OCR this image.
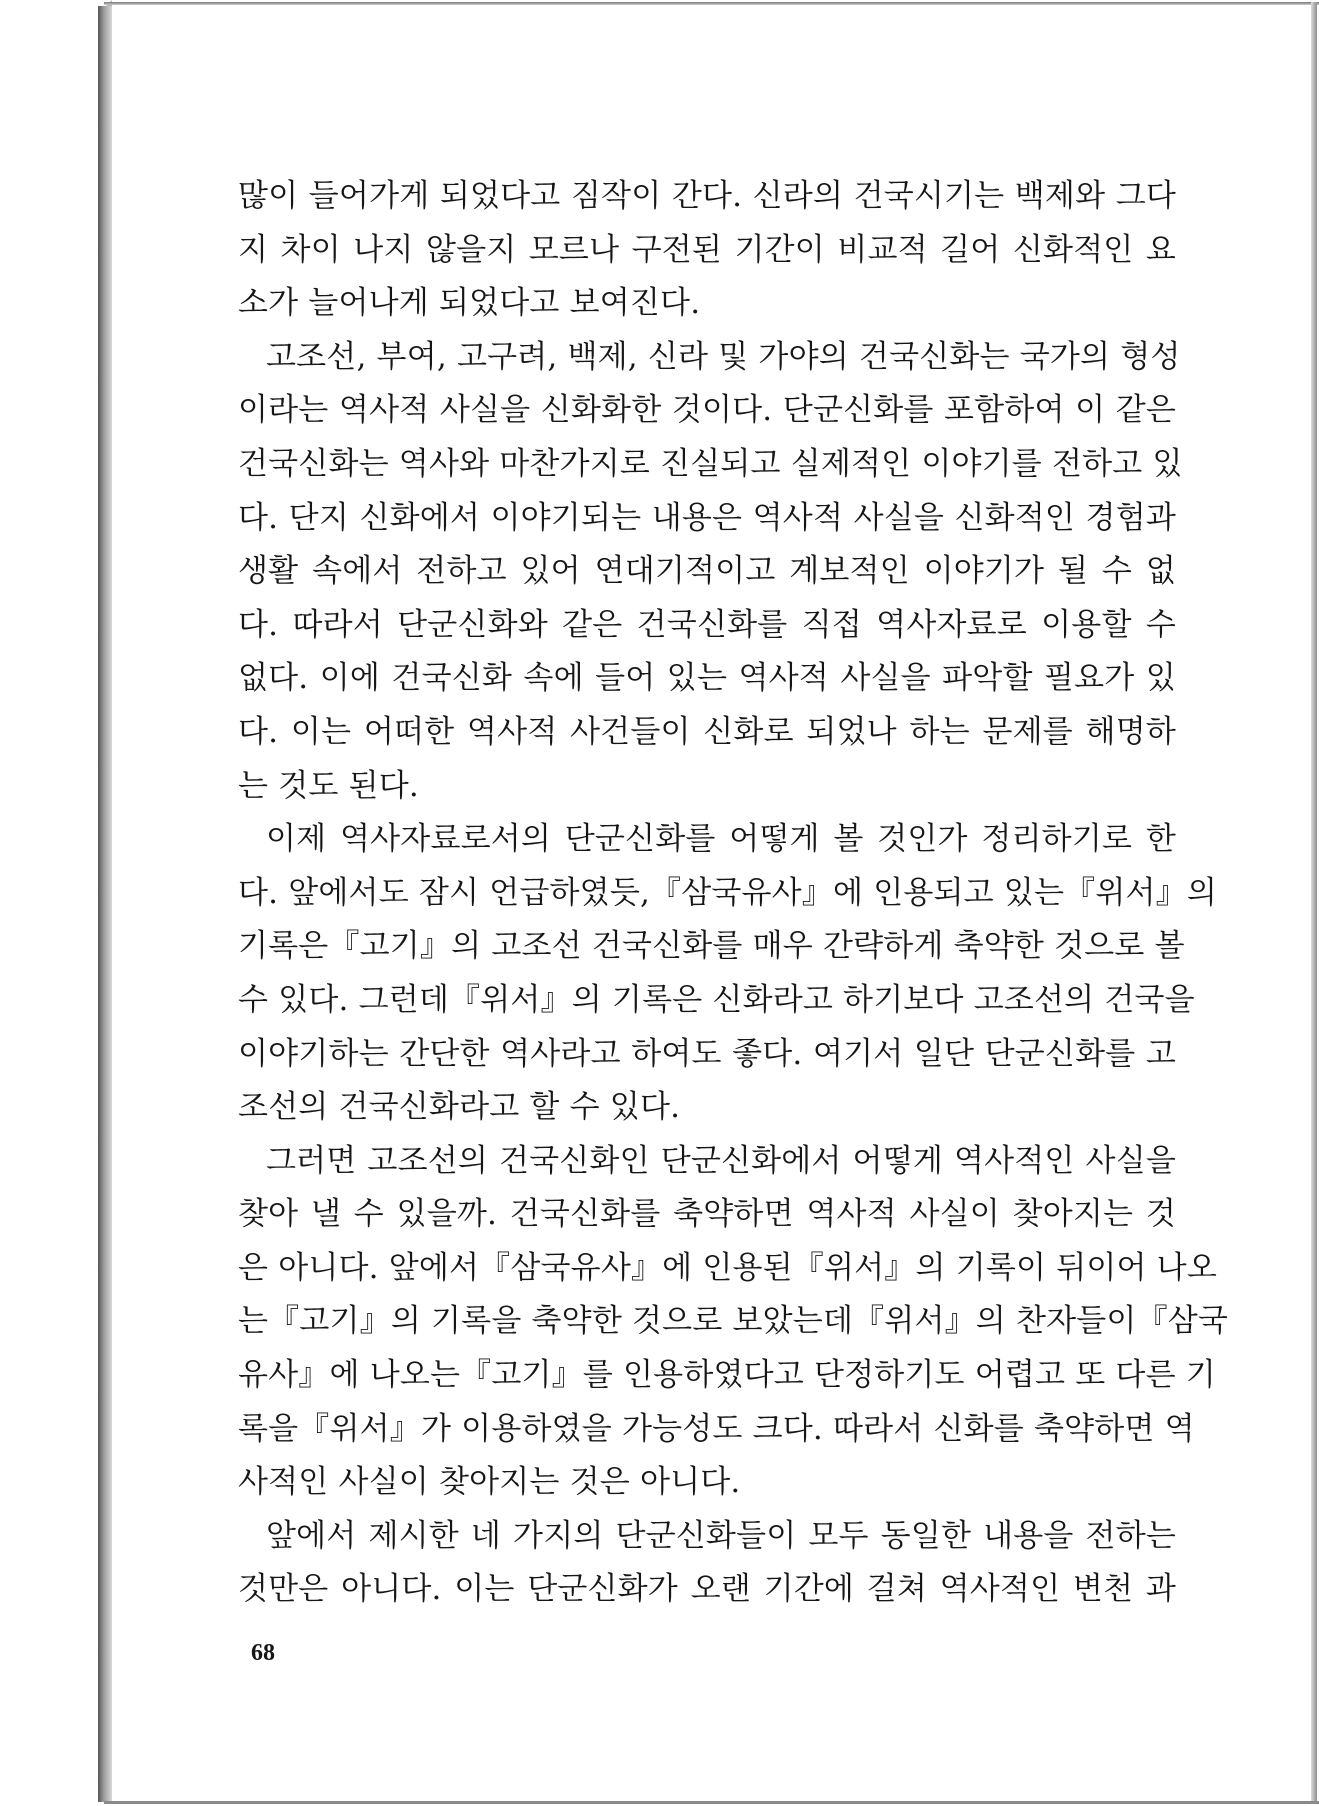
많이 들어가게 되었다고 짐작이 간다. 신라의 건국시기는 백제와 그다
지 차이 나지 않을지 모르나 구전된 기간이 비교적 길어 신화적인 요
소가 늘어나게 되었다고 보여진다.
고조선, 부여, 고구려, 백제, 신라 및 가야의 건국신화는 국가의 형성
이라는 역사적 사실을 신화화한 것이다. 단군신화를 포함하여 이 같은
건국신화는 역사와 마찬가지로 진실되고 실제적인 이야기를 전하고 있
다. 단지 신화에서 이야기되는 내용은 역사적 사실을 신화적인 경험과
생활 속에서 전하고 있어 연대기적이고 계보적인 이야기가 될 수 없
다. 따라서 단군신화와 같은 건국신화를 직접 역사자료로 이용할 수
없다. 이에 건국신화 속에 들어 있는 역사적 사실을 파악할 필요가 있
다. 이는 어떠한 역사적 사건들이 신화로 되었나 하는 문제를 해명하
는 것도 된다.
이제 역사자료로서의 단군신화를 어떻게 볼 것인가 정리하기로 한
다. 앞에서도 잠시 언급하였듯,『삼국유사』에 인용되고 있는『위서』의
기록은『고기』의 고조선 건국신화를 매우 간략하게 축약한 것으로 볼
수 있다. 그런데『위서』의 기록은 신화라고 하기보다 고조선의 건국을
이야기하는 간단한 역사라고 하여도 좋다. 여기서 일단 단군신화를 고
조선의 건국신화라고 할 수 있다.
그러면 고조선의 건국신화인 단군신화에서 어떻게 역사적인 사실을
찾아 낼 수 있을까. 건국신화를 축약하면 역사적 사실이 찾아지는 것
은 아니다. 앞에서『삼국유사』에 인용된『위서』의 기록이 뒤이어 나오
는『고기』의 기록을 축약한 것으로 보았는데『위서』의 찬자들이『삼국
유사』에 나오는『고기』를 인용하였다고 단정하기도 어렵고 또 다른 기
록을『위서』가 이용하였을 가능성도 크다. 따라서 신화를 축약하면 역
사적인 사실이 찾아지는 것은 아니다.
앞에서 제시한 네 가지의 단군신화들이 모두 동일한 내용을 전하는
것만은 아니다. 이는 단군신화가 오랜 기간에 걸쳐 역사적인 변천 과
68
